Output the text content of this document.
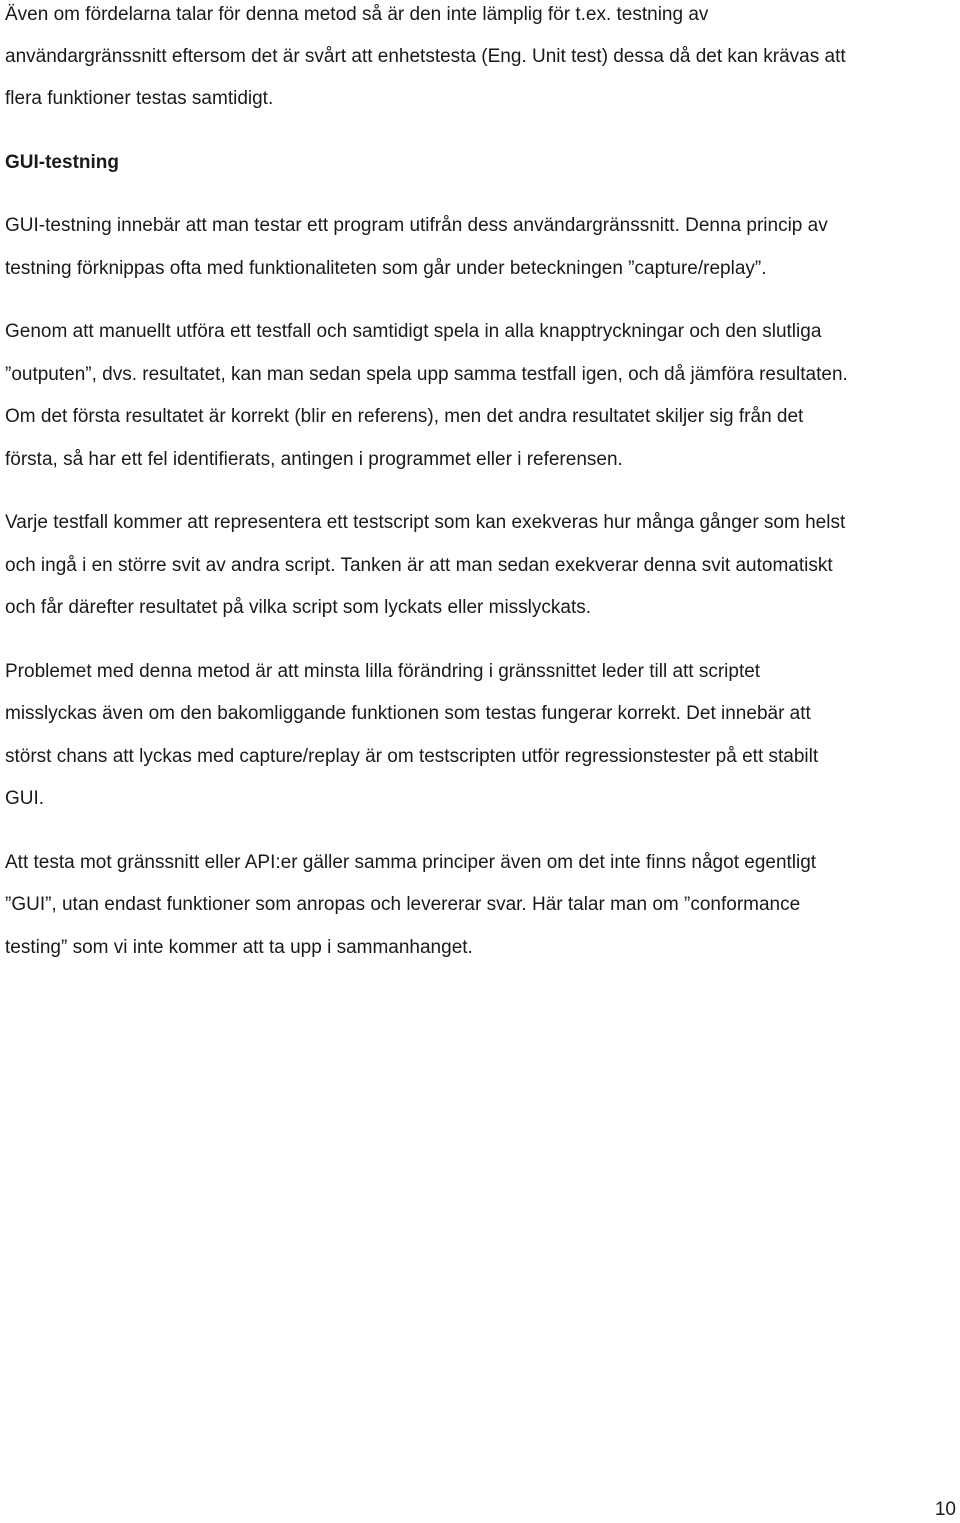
Även om fördelarna talar för denna metod så är den inte lämplig för t.ex. testning av
användargränssnitt eftersom det är svårt att enhetstesta (Eng. Unit test) dessa då det kan krävas att
flera funktioner testas samtidigt.
GUI-testning
GUI-testning innebär att man testar ett program utifrån dess användargränssnitt. Denna princip av
testning förknippas ofta med funktionaliteten som går under beteckningen ”capture/replay”.
Genom att manuellt utföra ett testfall och samtidigt spela in alla knapptryckningar och den slutliga
”outputen”, dvs. resultatet, kan man sedan spela upp samma testfall igen, och då jämföra resultaten.
Om det första resultatet är korrekt (blir en referens), men det andra resultatet skiljer sig från det
första, så har ett fel identifierats, antingen i programmet eller i referensen.
Varje testfall kommer att representera ett testscript som kan exekveras hur många gånger som helst
och ingå i en större svit av andra script. Tanken är att man sedan exekverar denna svit automatiskt
och får därefter resultatet på vilka script som lyckats eller misslyckats.
Problemet med denna metod är att minsta lilla förändring i gränssnittet leder till att scriptet
misslyckas även om den bakomliggande funktionen som testas fungerar korrekt. Det innebär att
störst chans att lyckas med capture/replay är om testscripten utför regressionstester på ett stabilt
GUI.
Att testa mot gränssnitt eller API:er gäller samma principer även om det inte finns något egentligt
”GUI”, utan endast funktioner som anropas och levererar svar. Här talar man om ”conformance
testing” som vi inte kommer att ta upp i sammanhanget.
10
